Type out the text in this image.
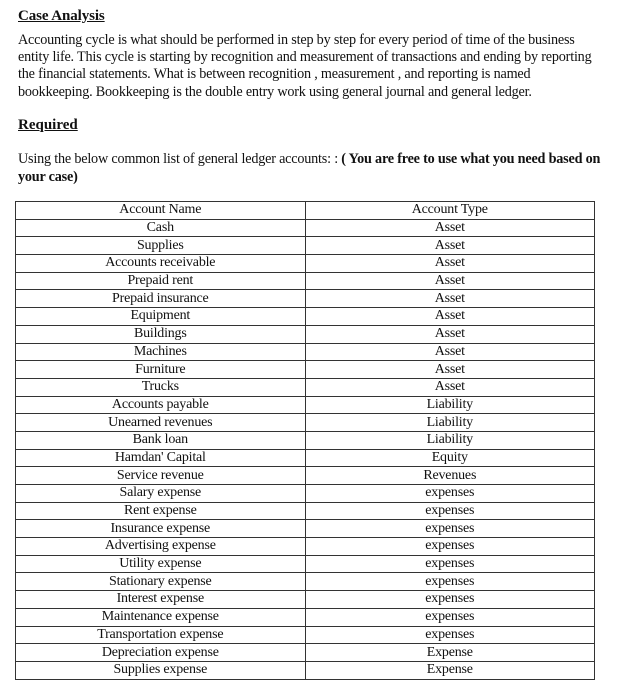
Case Analysis
Accounting cycle is what should be performed in step by step for every period of time of the business entity life. This cycle is starting by recognition and measurement of transactions and ending by reporting the financial statements. What is between recognition , measurement , and reporting is named bookkeeping. Bookkeeping is the double entry work using general journal and general ledger.
Required
Using the below common list of general ledger accounts: : ( You are free to use what you need based on your case)
Account Name	Account Type
Cash	Asset
Supplies	Asset
Accounts receivable	Asset
Prepaid rent	Asset
Prepaid insurance	Asset
Equipment	Asset
Buildings	Asset
Machines	Asset
Furniture	Asset
Trucks	Asset
Accounts payable	Liability
Unearned revenues	Liability
Bank loan	Liability
Hamdan' Capital	Equity
Service revenue	Revenues
Salary expense	expenses
Rent expense	expenses
Insurance expense	expenses
Advertising expense	expenses
Utility expense	expenses
Stationary expense	expenses
Interest expense	expenses
Maintenance expense	expenses
Transportation expense	expenses
Depreciation expense	Expense
Supplies expense	Expense
